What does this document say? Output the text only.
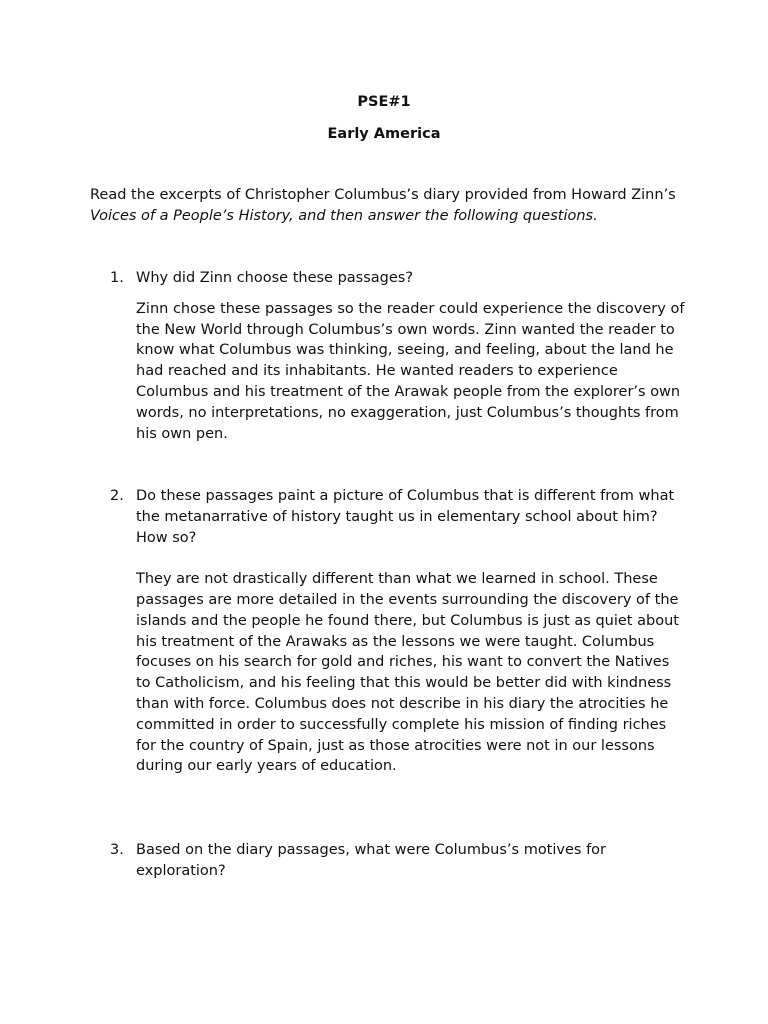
PSE#1
Early America
Read the excerpts of Christopher Columbus’s diary provided from Howard Zinn’s Voices of a People’s History, and then answer the following questions.
1. Why did Zinn choose these passages?
Zinn chose these passages so the reader could experience the discovery of the New World through Columbus’s own words. Zinn wanted the reader to know what Columbus was thinking, seeing, and feeling, about the land he had reached and its inhabitants. He wanted readers to experience Columbus and his treatment of the Arawak people from the explorer’s own words, no interpretations, no exaggeration, just Columbus’s thoughts from his own pen.
2. Do these passages paint a picture of Columbus that is different from what the metanarrative of history taught us in elementary school about him? How so?
They are not drastically different than what we learned in school. These passages are more detailed in the events surrounding the discovery of the islands and the people he found there, but Columbus is just as quiet about his treatment of the Arawaks as the lessons we were taught. Columbus focuses on his search for gold and riches, his want to convert the Natives to Catholicism, and his feeling that this would be better did with kindness than with force. Columbus does not describe in his diary the atrocities he committed in order to successfully complete his mission of finding riches for the country of Spain, just as those atrocities were not in our lessons during our early years of education.
3. Based on the diary passages, what were Columbus’s motives for exploration?
